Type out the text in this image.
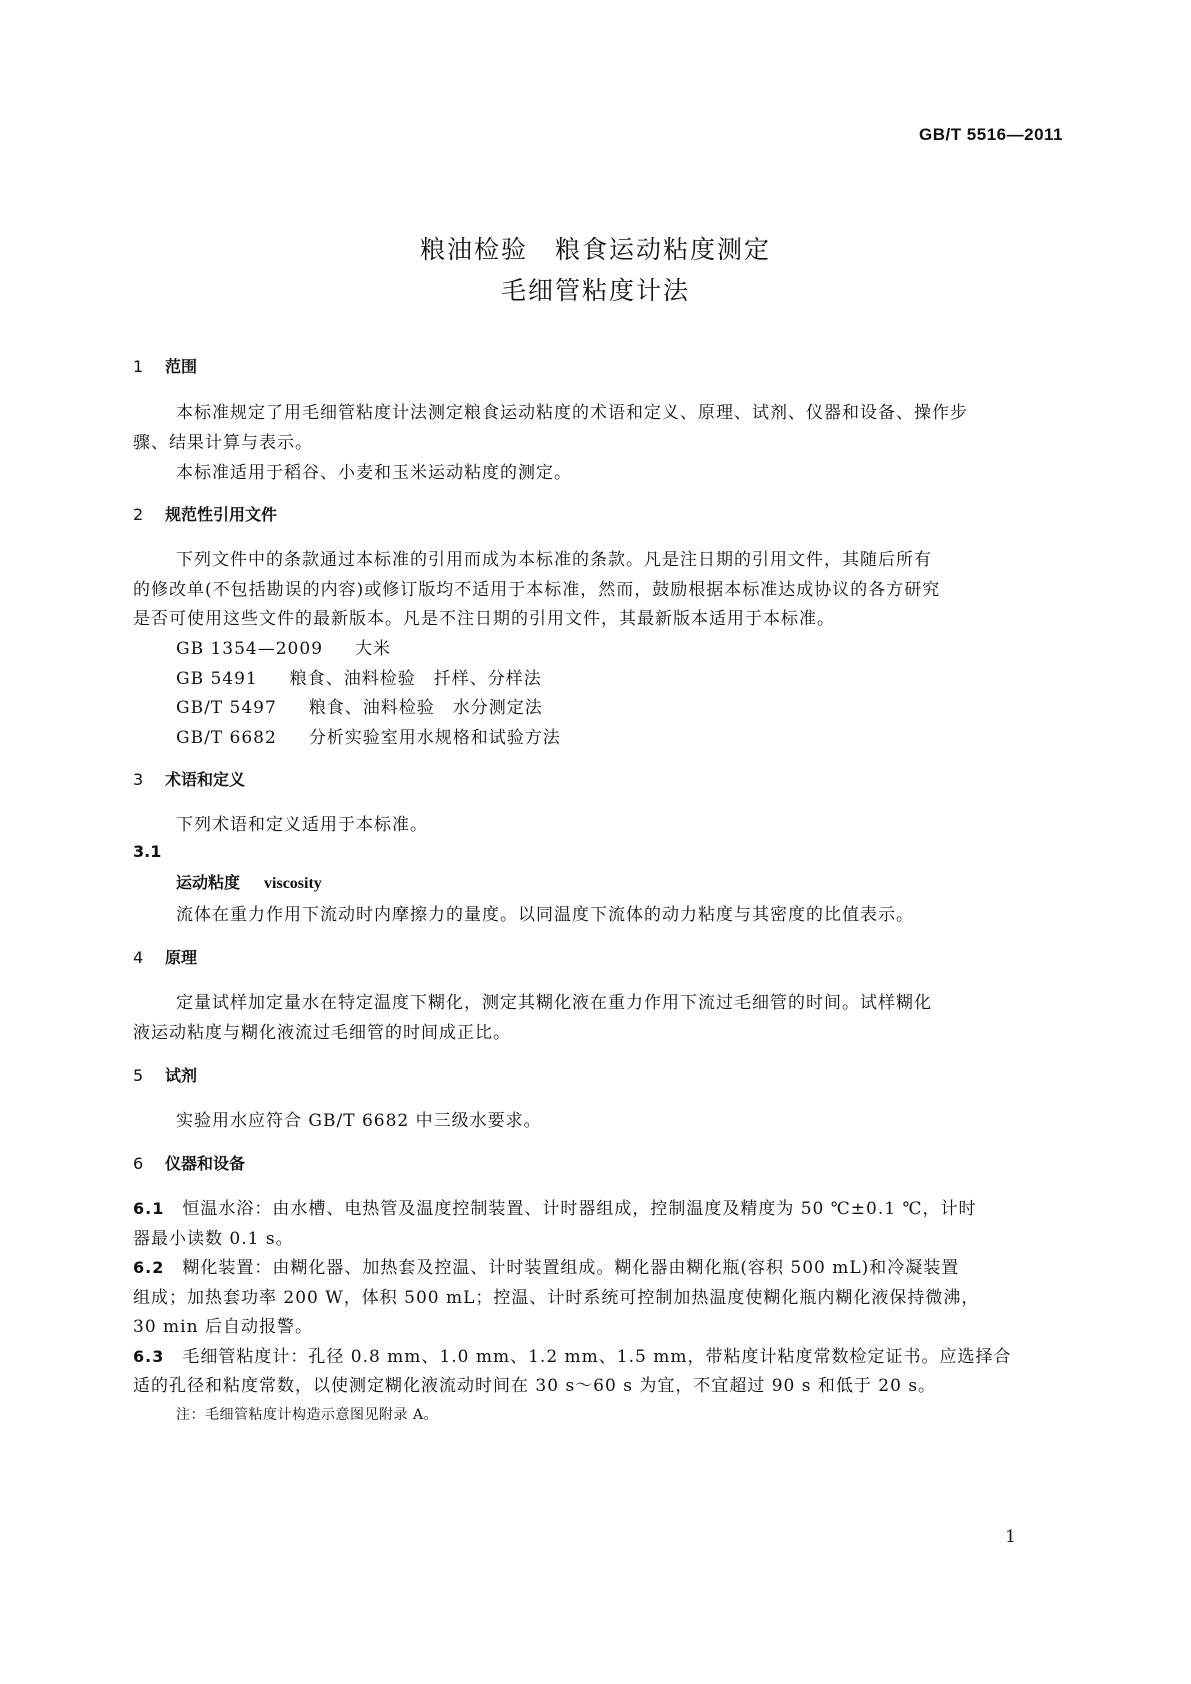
GB/T 5516—2011
粮油检验　粮食运动粘度测定
毛细管粘度计法
1 范围
本标准规定了用毛细管粘度计法测定粮食运动粘度的术语和定义、原理、试剂、仪器和设备、操作步
骤、结果计算与表示。
本标准适用于稻谷、小麦和玉米运动粘度的测定。
2 规范性引用文件
下列文件中的条款通过本标准的引用而成为本标准的条款。凡是注日期的引用文件，其随后所有
的修改单(不包括勘误的内容)或修订版均不适用于本标准，然而，鼓励根据本标准达成协议的各方研究
是否可使用这些文件的最新版本。凡是不注日期的引用文件，其最新版本适用于本标准。
GB 1354—2009 大米
GB 5491 粮食、油料检验　扦样、分样法
GB/T 5497 粮食、油料检验　水分测定法
GB/T 6682 分析实验室用水规格和试验方法
3 术语和定义
下列术语和定义适用于本标准。
3.1
运动粘度 viscosity
流体在重力作用下流动时内摩擦力的量度。以同温度下流体的动力粘度与其密度的比值表示。
4 原理
定量试样加定量水在特定温度下糊化，测定其糊化液在重力作用下流过毛细管的时间。试样糊化
液运动粘度与糊化液流过毛细管的时间成正比。
5 试剂
实验用水应符合 GB/T 6682 中三级水要求。
6 仪器和设备
6.1 恒温水浴：由水槽、电热管及温度控制装置、计时器组成，控制温度及精度为 50 ℃±0.1 ℃，计时
器最小读数 0.1 s。
6.2 糊化装置：由糊化器、加热套及控温、计时装置组成。糊化器由糊化瓶(容积 500 mL)和冷凝装置
组成；加热套功率 200 W，体积 500 mL；控温、计时系统可控制加热温度使糊化瓶内糊化液保持微沸，
30 min 后自动报警。
6.3 毛细管粘度计：孔径 0.8 mm、1.0 mm、1.2 mm、1.5 mm，带粘度计粘度常数检定证书。应选择合
适的孔径和粘度常数，以使测定糊化液流动时间在 30 s～60 s 为宜，不宜超过 90 s 和低于 20 s。
注：毛细管粘度计构造示意图见附录 A。
1
